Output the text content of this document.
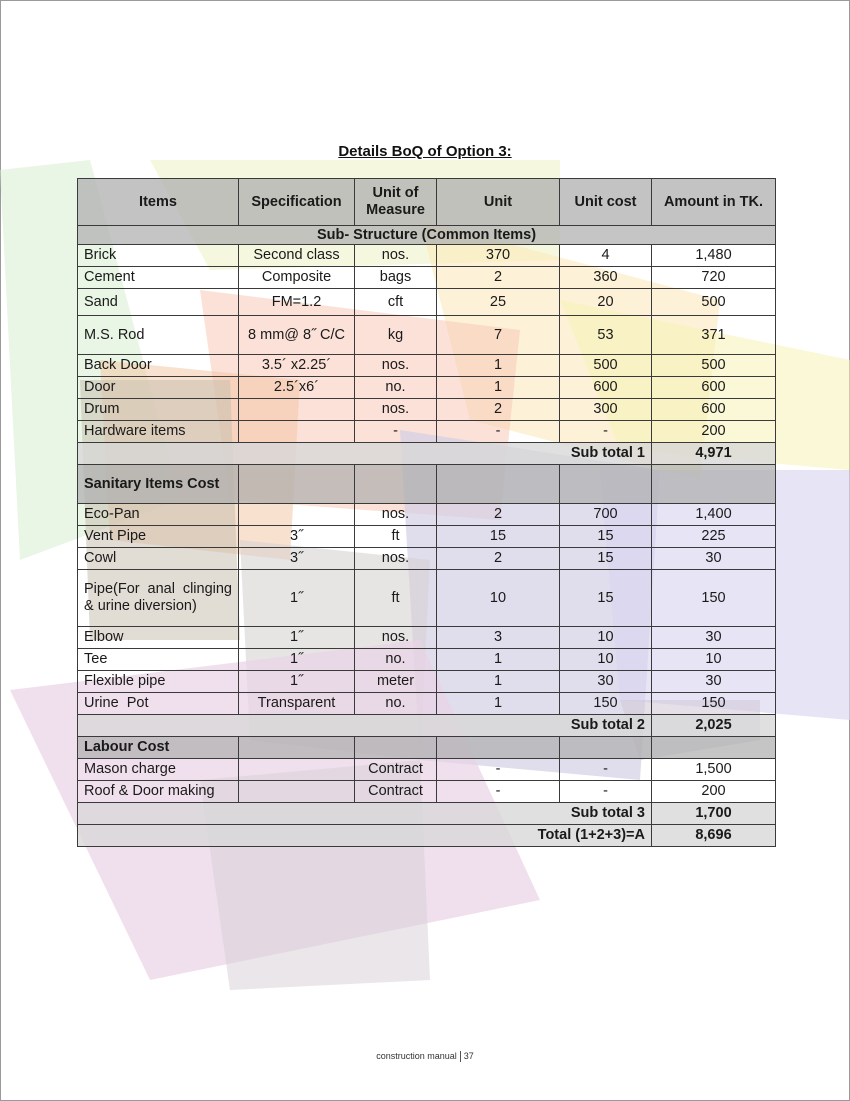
Details BoQ of Option 3:
Items	Specification	Unit of Measure	Unit	Unit cost	Amount in TK.
Sub- Structure (Common Items)					
Brick	Second class	nos.	370	4	1,480
Cement	Composite	bags	2	360	720
Sand	FM=1.2	cft	25	20	500
M.S. Rod	8 mm@ 8˝ C/C	kg	7	53	371
Back Door	3.5´ x2.25´	nos.	1	500	500
Door	2.5´x6´	no.	1	600	600
Drum		nos.	2	300	600
Hardware items		-	-	-	200
Sub total 1					4,971
Sanitary Items Cost					
Eco-Pan		nos.	2	700	1,400
Vent Pipe	3˝	ft	15	15	225
Cowl	3˝	nos.	2	15	30
Pipe(For anal clinging & urine diversion)	1˝	ft	10	15	150
Elbow	1˝	nos.	3	10	30
Tee	1˝	no.	1	10	10
Flexible pipe	1˝	meter	1	30	30
Urine  Pot	Transparent	no.	1	150	150
Sub total 2					2,025
Labour Cost					
Mason charge		Contract	-	-	1,500
Roof & Door making		Contract	-	-	200
Sub total 3					1,700
Total (1+2+3)=A					8,696
construction manual 37
